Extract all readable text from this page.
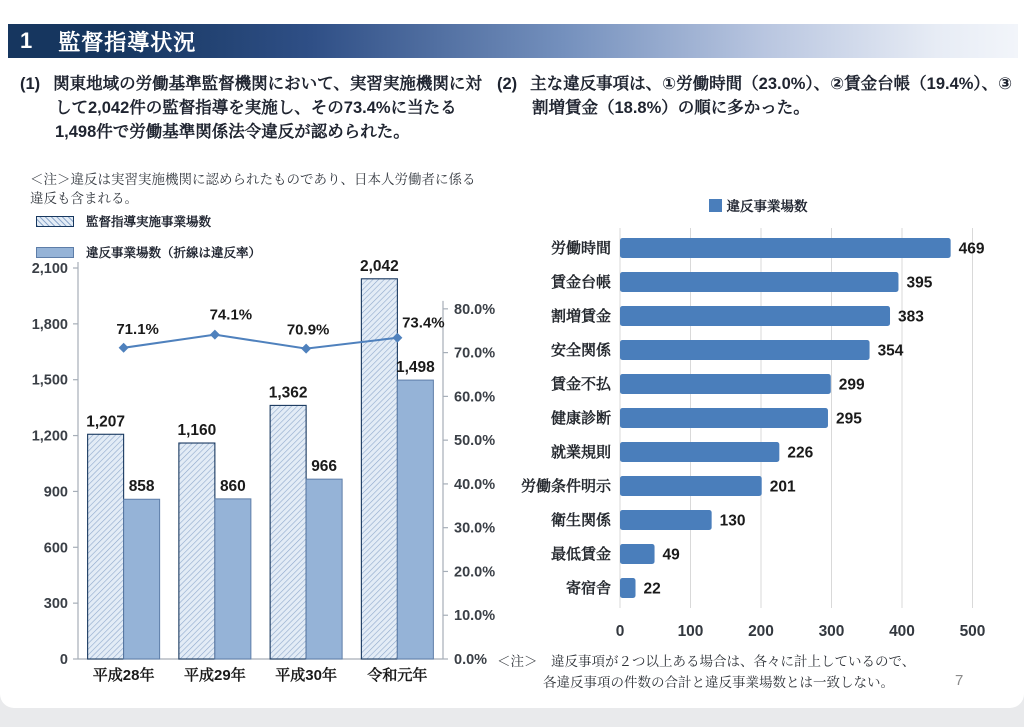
1	監督指導状況
(1) 関東地域の労働基準監督機関において、実習実施機関に対して2,042件の監督指導を実施し、その73.4%に当たる1,498件で労働基準関係法令違反が認められた。
＜注＞違反は実習実施機関に認められたものであり、日本人労働者に係る違反も含まれる。
監督指導実施事業場数
違反事業場数（折線は違反率）
0
300
600
900
1,200
1,500
1,800
2,100
0.0%
10.0%
20.0%
30.0%
40.0%
50.0%
60.0%
70.0%
80.0%
1,207
858
平成28年
1,160
860
平成29年
1,362
966
平成30年
2,042
1,498
令和元年
71.1%
74.1%
70.9%	73.4%
(2) 主な違反事項は、①労働時間（23.0%）、②賃金台帳（19.4%）、③割増賃金（18.8%）の順に多かった。
違反事業場数
0	100	200	300	400	500
労働時間	469
賃金台帳	395
割増賃金	383
安全関係	354
賃金不払	299
健康診断	295
就業規則	226
労働条件明示	201
衛生関係	130
最低賃金	49
寄宿舎 22
＜注＞　違反事項が２つ以上ある場合は、各々に計上しているので、
各違反事項の件数の合計と違反事業場数とは一致しない。	7
